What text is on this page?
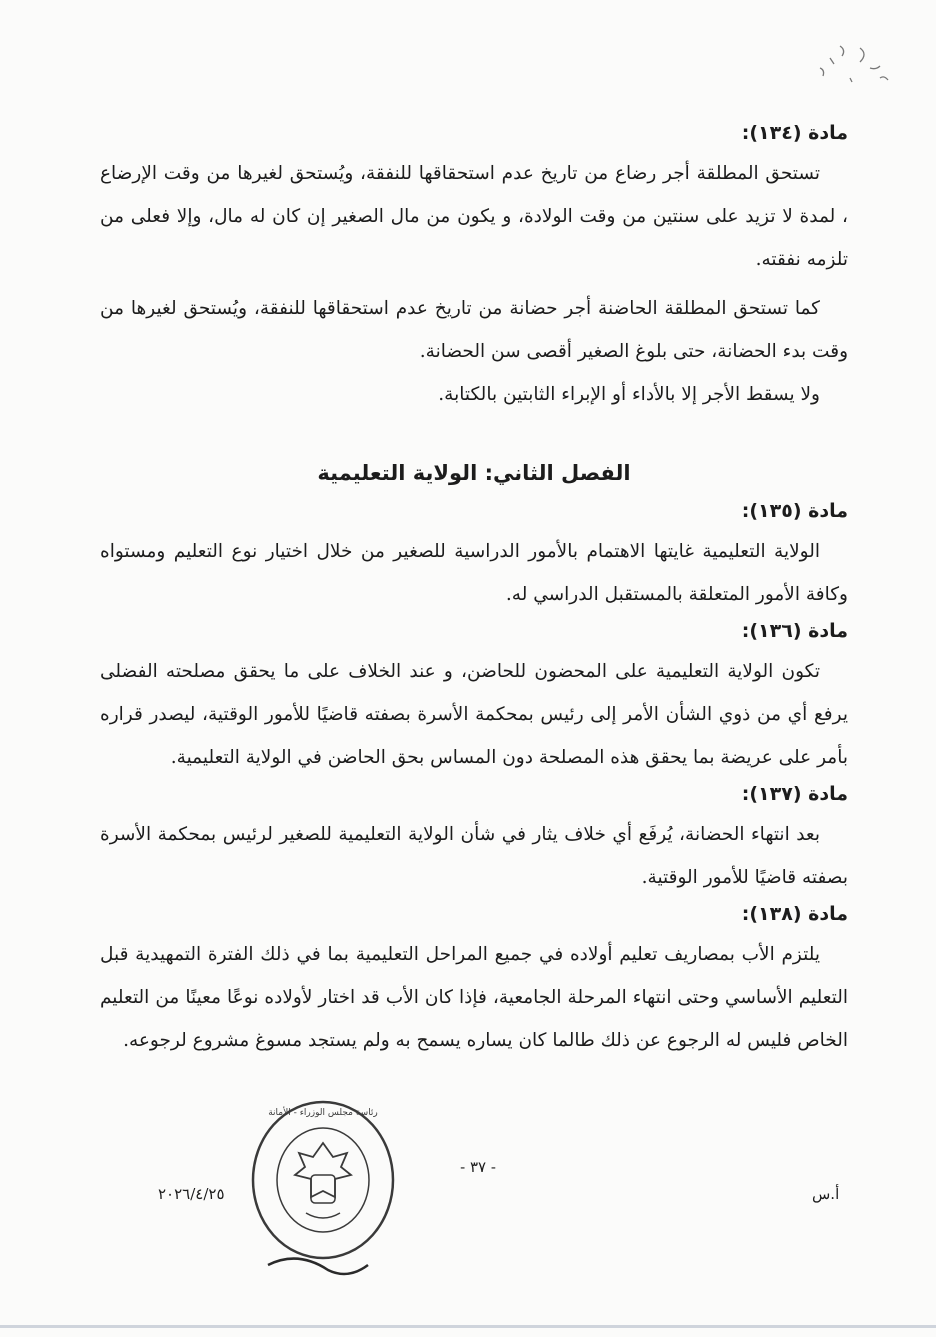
مادة (١٣٤):

تستحق المطلقة أجر رضاع من تاريخ عدم استحقاقها للنفقة، ويُستحق لغيرها من وقت الإرضاع ، لمدة لا تزيد على سنتين من وقت الولادة، و يكون من مال الصغير إن كان له مال، وإلا فعلى من تلزمه نفقته.

كما تستحق المطلقة الحاضنة أجر حضانة من تاريخ عدم استحقاقها للنفقة، ويُستحق لغيرها من وقت بدء الحضانة، حتى بلوغ الصغير أقصى سن الحضانة.

ولا يسقط الأجر إلا بالأداء أو الإبراء الثابتين بالكتابة.

الفصل الثاني: الولاية التعليمية
مادة (١٣٥):

الولاية التعليمية غايتها الاهتمام بالأمور الدراسية للصغير من خلال اختيار نوع التعليم ومستواه وكافة الأمور المتعلقة بالمستقبل الدراسي له.

مادة (١٣٦):

تكون الولاية التعليمية على المحضون للحاضن، و عند الخلاف على ما يحقق مصلحته الفضلى يرفع أي من ذوي الشأن الأمر إلى رئيس بمحكمة الأسرة بصفته قاضيًا للأمور الوقتية، ليصدر قراره بأمر على عريضة بما يحقق هذه المصلحة دون المساس بحق الحاضن في الولاية التعليمية.

مادة (١٣٧):

بعد انتهاء الحضانة، يُرفَع أي خلاف يثار في شأن الولاية التعليمية للصغير لرئيس بمحكمة الأسرة بصفته قاضيًا للأمور الوقتية.

مادة (١٣٨):

يلتزم الأب بمصاريف تعليم أولاده في جميع المراحل التعليمية بما في ذلك الفترة التمهيدية قبل التعليم الأساسي وحتى انتهاء المرحلة الجامعية، فإذا كان الأب قد اختار لأولاده نوعًا معينًا من التعليم الخاص فليس له الرجوع عن ذلك طالما كان يساره يسمح به ولم يستجد مسوغ مشروع لرجوعه.

- ٣٧ -
٢٠٢٦/٤/٢٥	أ.س
رئاسة مجلس الوزراء - الأمانة
